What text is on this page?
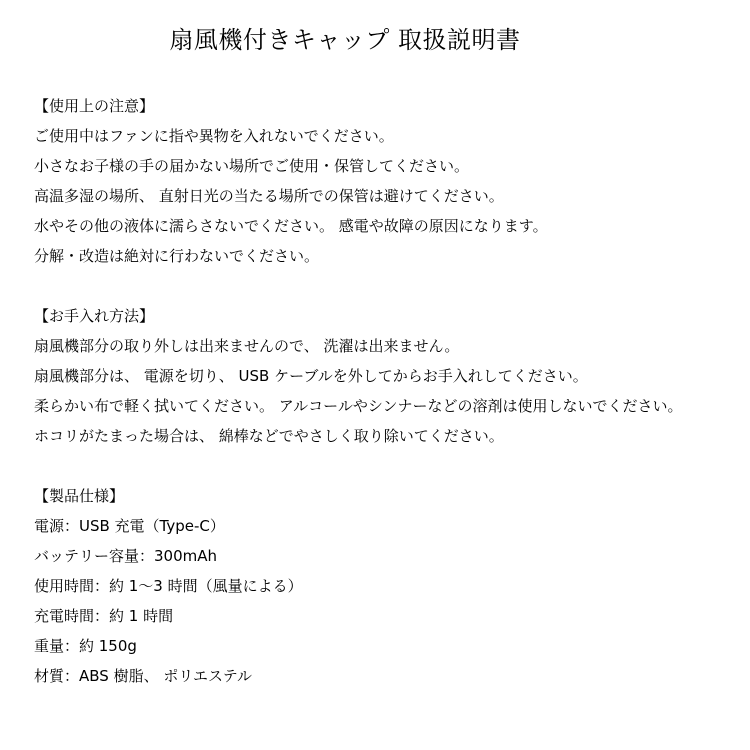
扇風機付きキャップ 取扱説明書
【使用上の注意】
ご使用中はファンに指や異物を入れないでください。
小さなお子様の手の届かない場所でご使用・保管してください。
高温多湿の場所、 直射日光の当たる場所での保管は避けてください。
水やその他の液体に濡らさないでください。 感電や故障の原因になります。
分解・改造は絶対に行わないでください。
【お手入れ方法】
扇風機部分の取り外しは出来ませんので、 洗濯は出来ません。
扇風機部分は、 電源を切り、 USB ケーブルを外してからお手入れしてください。
柔らかい布で軽く拭いてください。 アルコールやシンナーなどの溶剤は使用しないでください。
ホコリがたまった場合は、 綿棒などでやさしく取り除いてください。
【製品仕様】
電源：USB 充電（Type-C）
バッテリー容量：300mAh
使用時間：約 1〜3 時間（風量による）
充電時間：約 1 時間
重量：約 150g
材質：ABS 樹脂、 ポリエステル
